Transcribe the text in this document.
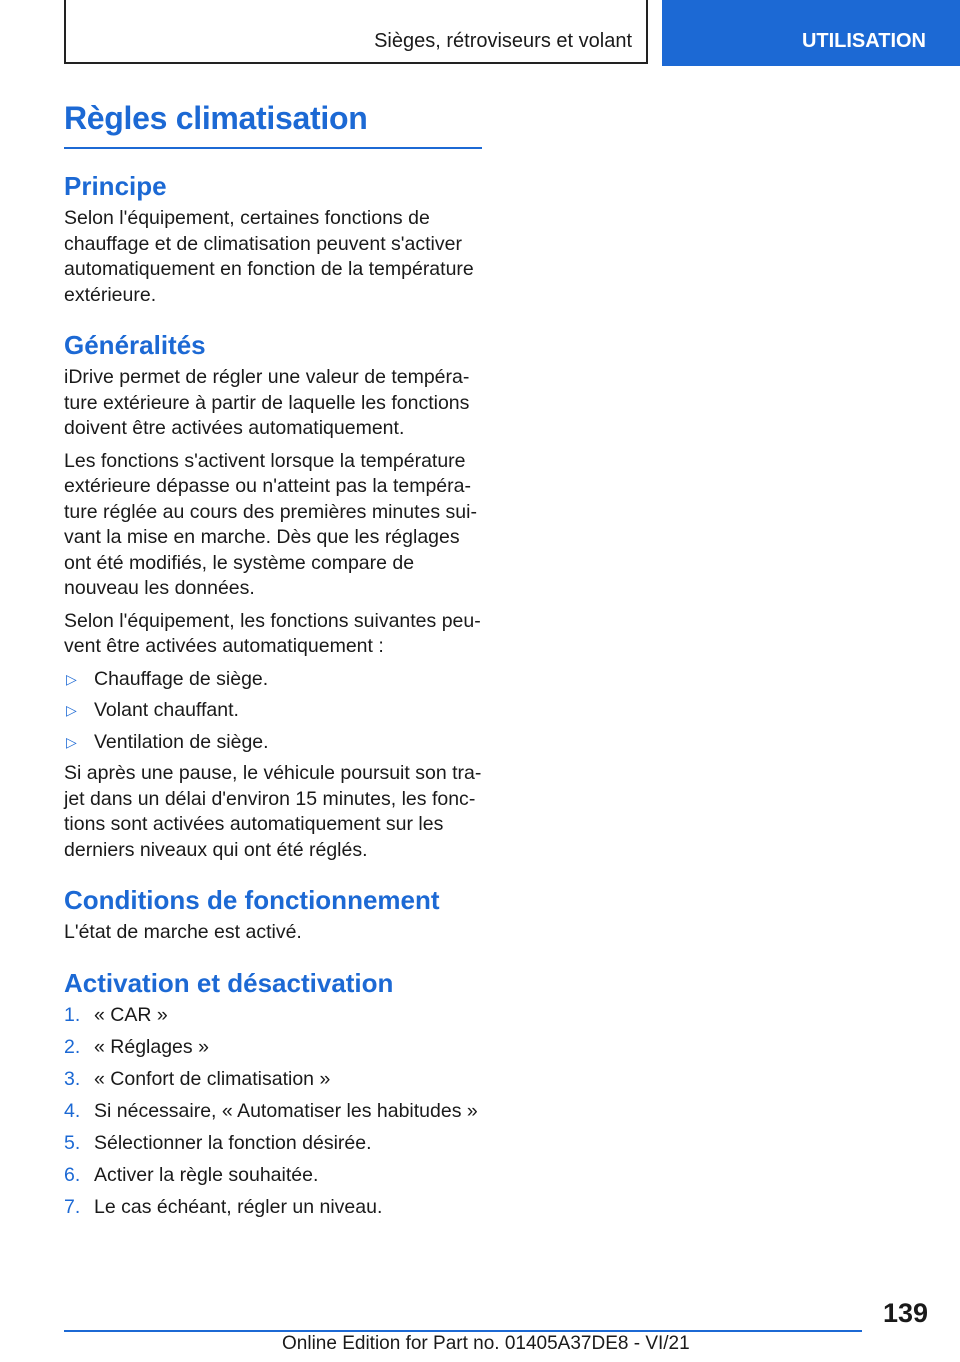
Sièges, rétroviseurs et volant	UTILISATION
Règles climatisation
Principe

Selon l'équipement, certaines fonctions de chauffage et de climatisation peuvent s'activer automatiquement en fonction de la température extérieure.

Généralités

iDrive permet de régler une valeur de température extérieure à partir de laquelle les fonctions doivent être activées automatiquement.

Les fonctions s'activent lorsque la température extérieure dépasse ou n'atteint pas la température réglée au cours des premières minutes suivant la mise en marche. Dès que les réglages ont été modifiés, le système compare de nouveau les données.

Selon l'équipement, les fonctions suivantes peuvent être activées automatiquement :

▷ Chauffage de siège.
▷ Volant chauffant.
▷ Ventilation de siège.

Si après une pause, le véhicule poursuit son trajet dans un délai d'environ 15 minutes, les fonctions sont activées automatiquement sur les derniers niveaux qui ont été réglés.

Conditions de fonctionnement

L'état de marche est activé.

Activation et désactivation
1. « CAR »
2. « Réglages »
3. « Confort de climatisation »
4. Si nécessaire, « Automatiser les habitudes »
5. Sélectionner la fonction désirée.
6. Activer la règle souhaitée.
7. Le cas échéant, régler un niveau.
139
Online Edition for Part no. 01405A37DE8 - VI/21
